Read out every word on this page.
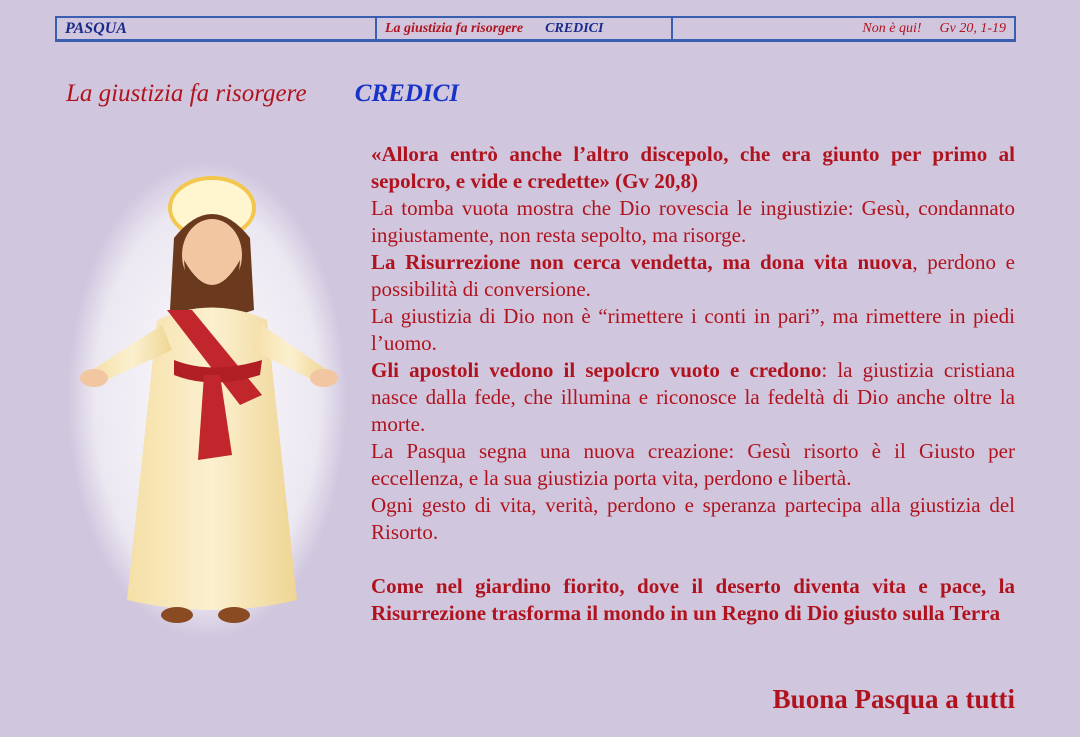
PASQUA	La giustizia fa risorgere CREDICI	Non è qui! Gv 20, 1-19
La giustizia fa risorgere CREDICI

«Allora entrò anche l’altro discepolo, che era giunto per primo al sepolcro, e vide e credette» (Gv 20,8)

La tomba vuota mostra che Dio rovescia le ingiustizie: Gesù, condannato ingiustamente, non resta sepolto, ma risorge.

La Risurrezione non cerca vendetta, ma dona vita nuova, perdono e possibilità di conversione.

La giustizia di Dio non è “rimettere i conti in pari”, ma rimettere in piedi l’uomo.

Gli apostoli vedono il sepolcro vuoto e credono: la giustizia cristiana nasce dalla fede, che illumina e riconosce la fedeltà di Dio anche oltre la morte.

La Pasqua segna una nuova creazione: Gesù risorto è il Giusto per eccellenza, e la sua giustizia porta vita, perdono e libertà.

Ogni gesto di vita, verità, perdono e speranza partecipa alla giustizia del Risorto.

Come nel giardino fiorito, dove il deserto diventa vita e pace, la Risurrezione trasforma il mondo in un Regno di Dio giusto sulla Terra

Buona Pasqua a tutti
